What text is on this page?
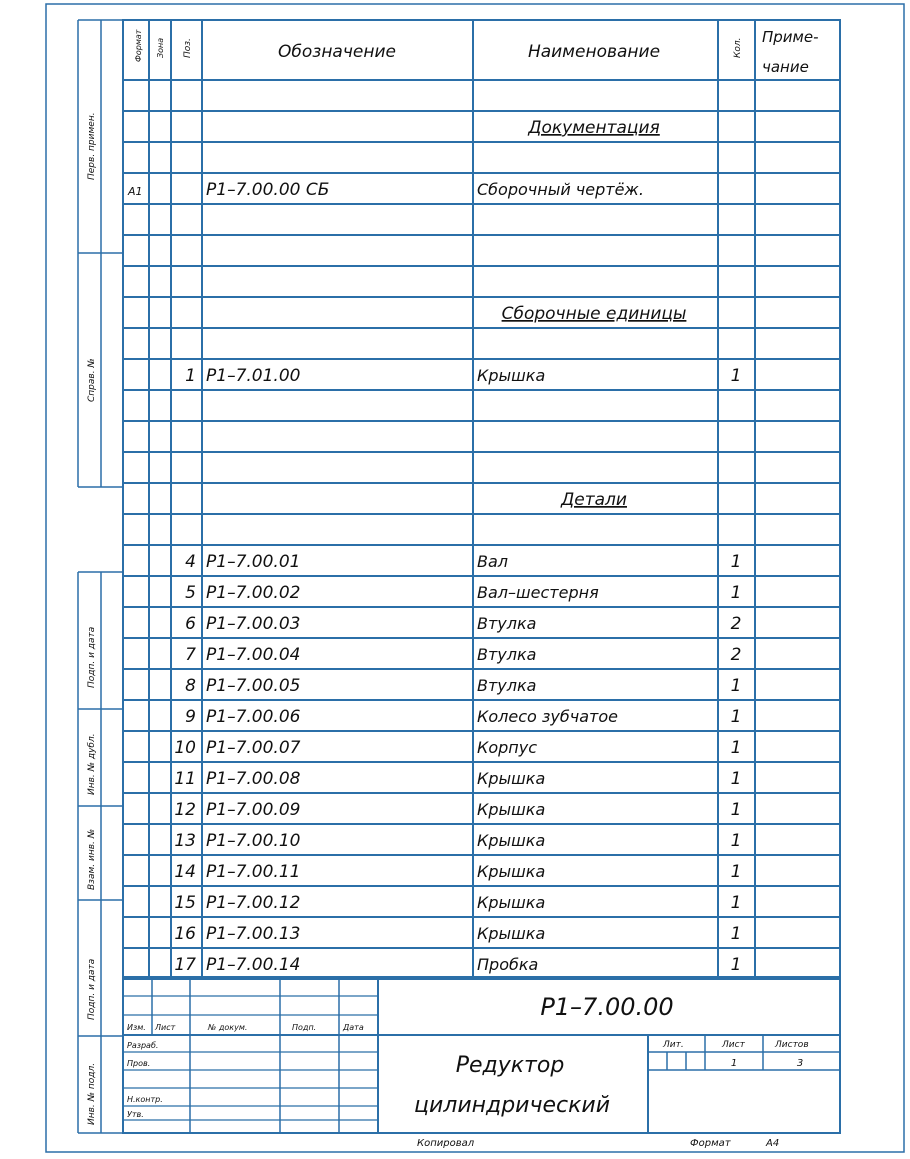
Перв. примен.
Справ. №
Подп. и дата
Инв. № дубл.
Взам. инв. №
Подп. и дата
Инв. № подл.
Формат Зона Поз.	Обозначение	Наименование	Кол.
Приме-
чание
Документация
А1	Р1–7.00.00 СБ	Сборочный чертёж.
Сборочные единицы
1 Р1–7.01.00	Крышка	1
Детали
4 Р1–7.00.01	Вал	1
5 Р1–7.00.02	Вал–шестерня	1
6 Р1–7.00.03	Втулка	2
7 Р1–7.00.04	Втулка	2
8 Р1–7.00.05	Втулка	1
9 Р1–7.00.06	Колесо зубчатое	1
10 Р1–7.00.07	Корпус	1
11 Р1–7.00.08	Крышка	1
12 Р1–7.00.09	Крышка	1
13 Р1–7.00.10	Крышка	1
14 Р1–7.00.11	Крышка	1
15 Р1–7.00.12	Крышка	1
16 Р1–7.00.13	Крышка	1
17 Р1–7.00.14	Пробка	1
Р1–7.00.00
Редуктор
цилиндрический
Изм. Лист	№ докум.	Подп.	Дата
Разраб.
Пров.
Н.контр.
Утв.
Лит.	Лист	Листов
1	3
Копировал	Формат	А4
